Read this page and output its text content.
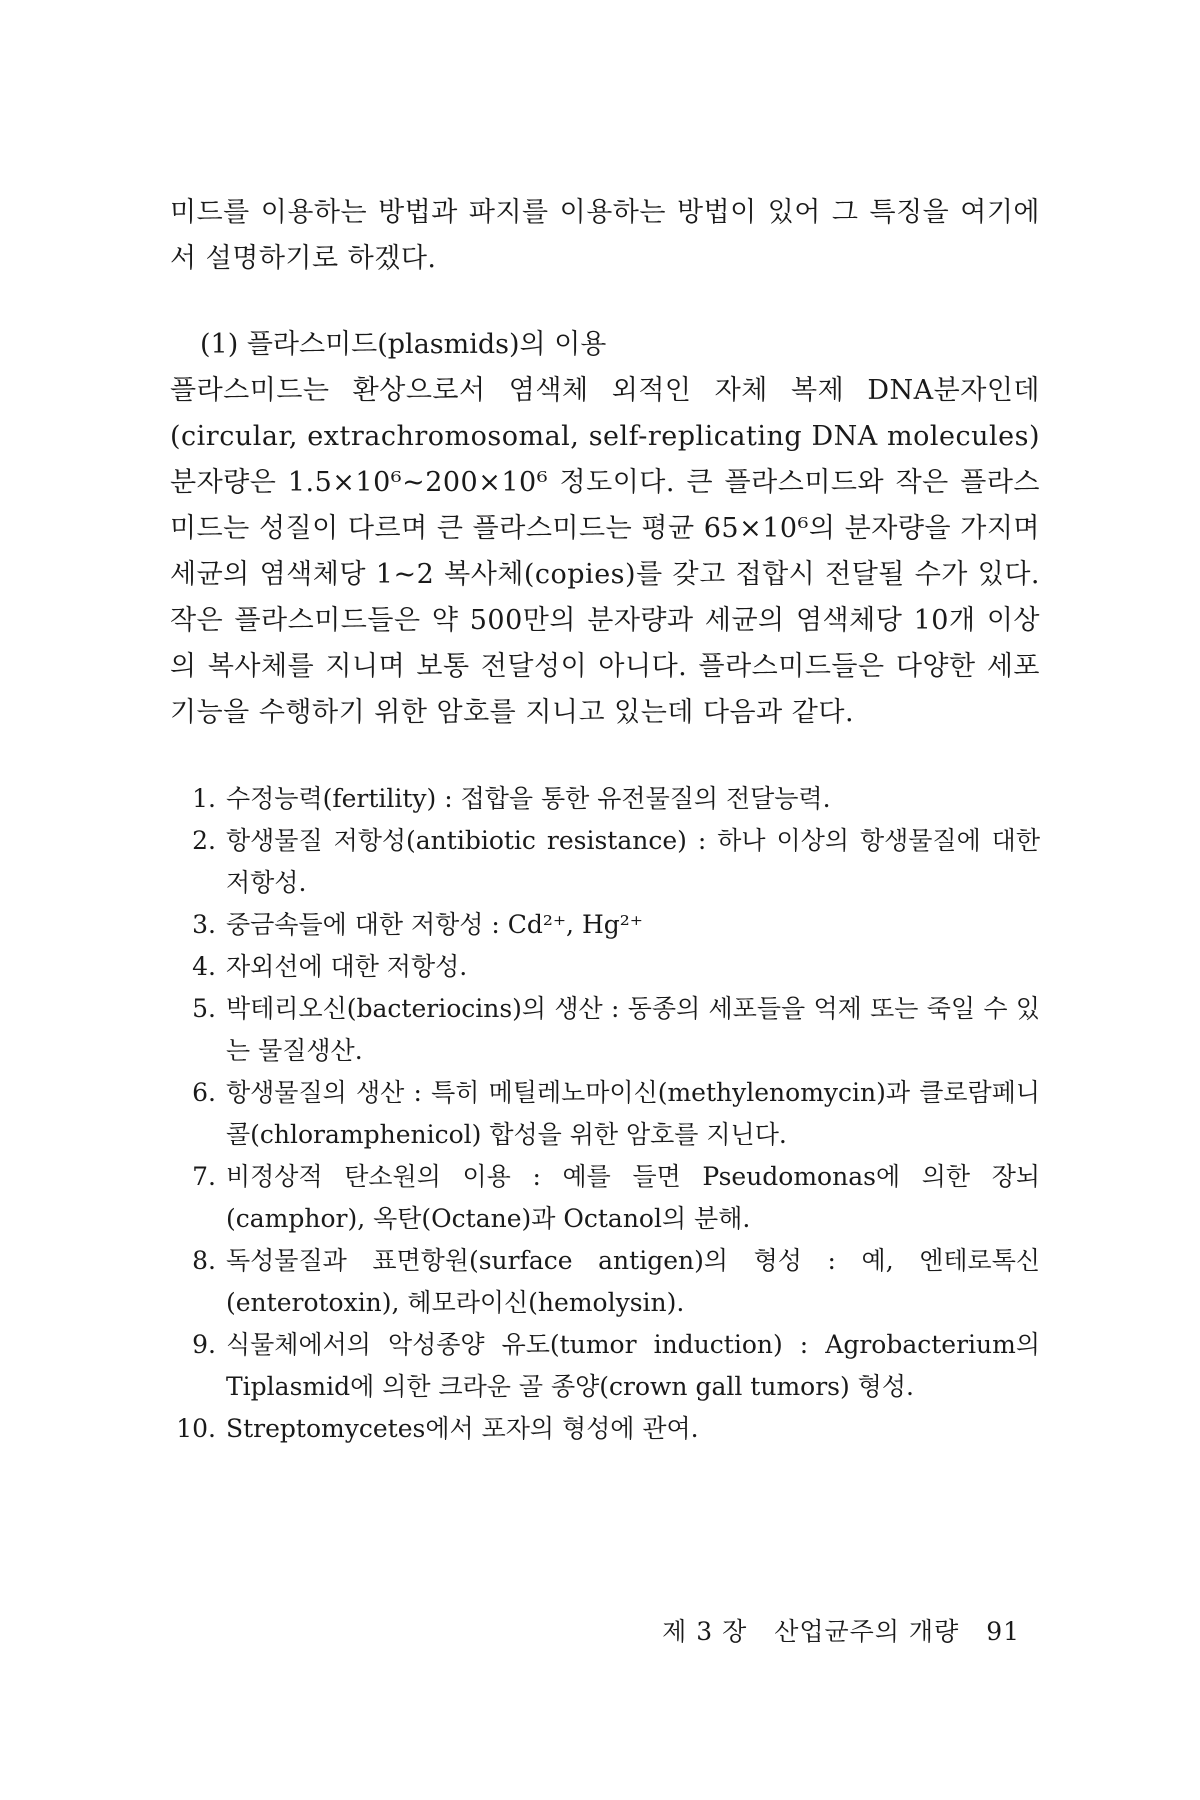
미드를 이용하는 방법과 파지를 이용하는 방법이 있어 그 특징을 여기에서 설명하기로 하겠다.

(1) 플라스미드(plasmids)의 이용

플라스미드는 환상으로서 염색체 외적인 자체 복제 DNA분자인데(circular, extrachromosomal, self-replicating DNA molecules) 분자량은 1.5×10⁶~200×10⁶ 정도이다. 큰 플라스미드와 작은 플라스미드는 성질이 다르며 큰 플라스미드는 평균 65×10⁶의 분자량을 가지며 세균의 염색체당 1~2 복사체(copies)를 갖고 접합시 전달될 수가 있다. 작은 플라스미드들은 약 500만의 분자량과 세균의 염색체당 10개 이상의 복사체를 지니며 보통 전달성이 아니다. 플라스미드들은 다양한 세포기능을 수행하기 위한 암호를 지니고 있는데 다음과 같다.

1. 수정능력(fertility) : 접합을 통한 유전물질의 전달능력.
2. 항생물질 저항성(antibiotic resistance) : 하나 이상의 항생물질에 대한 저항성.
3. 중금속들에 대한 저항성 : Cd²⁺, Hg²⁺
4. 자외선에 대한 저항성.
5. 박테리오신(bacteriocins)의 생산 : 동종의 세포들을 억제 또는 죽일 수 있는 물질생산.
6. 항생물질의 생산 : 특히 메틸레노마이신(methylenomycin)과 클로람페니콜(chloramphenicol) 합성을 위한 암호를 지닌다.
7. 비정상적 탄소원의 이용 : 예를 들면 Pseudomonas에 의한 장뇌(camphor), 옥탄(Octane)과 Octanol의 분해.
8. 독성물질과 표면항원(surface antigen)의 형성 : 예, 엔테로톡신(enterotoxin), 헤모라이신(hemolysin).
9. 식물체에서의 악성종양 유도(tumor induction) : Agrobacterium의 Tiplasmid에 의한 크라운 골 종양(crown gall tumors) 형성.
10. Streptomycetes에서 포자의 형성에 관여.
제 3 장 산업균주의 개량 91
